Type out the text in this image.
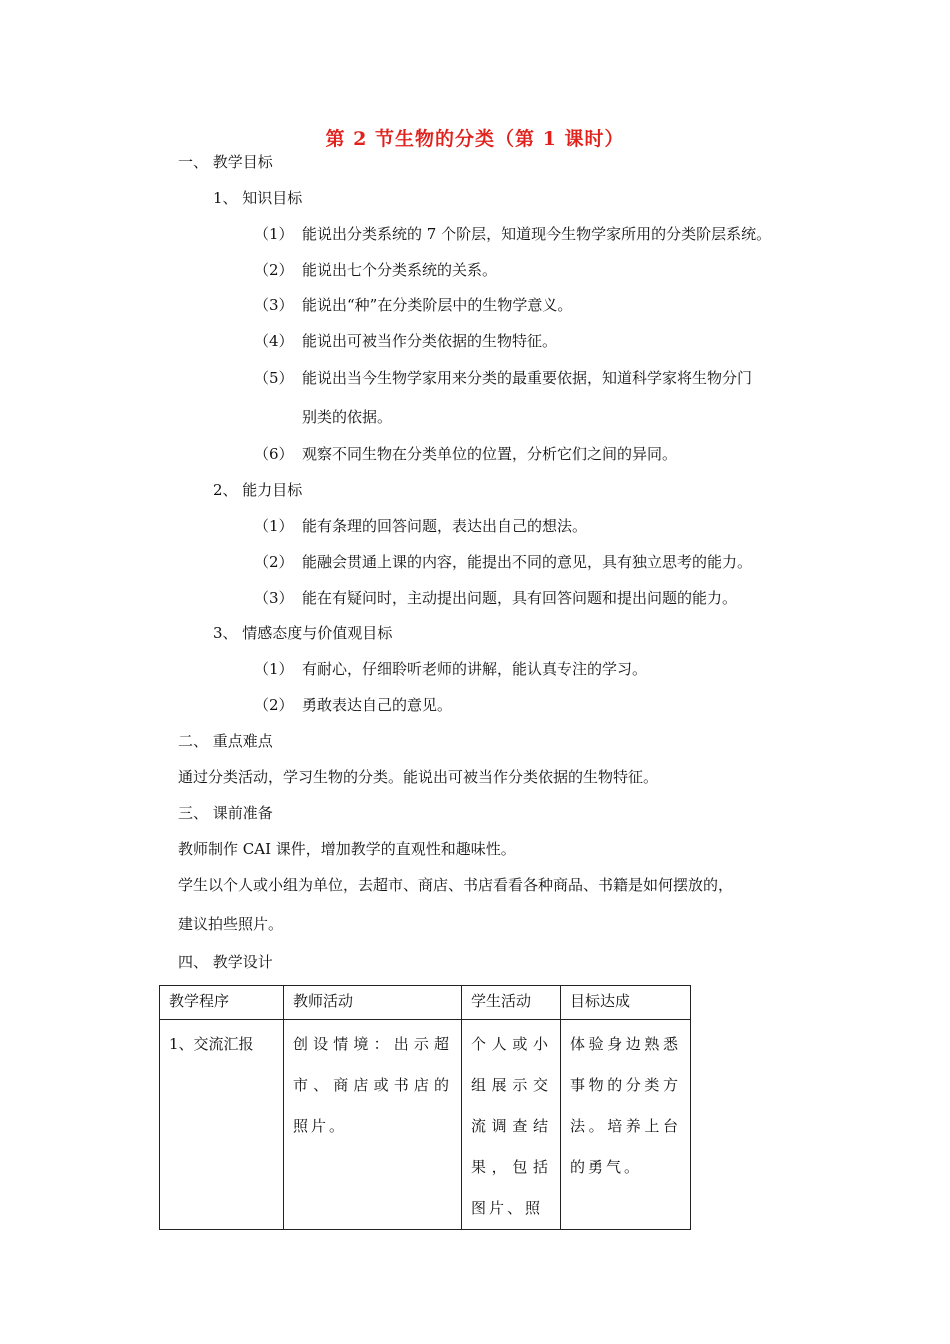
第 2 节生物的分类（第 1 课时）
一、 教学目标
1、 知识目标
（1） 能说出分类系统的 7 个阶层，知道现今生物学家所用的分类阶层系统。
（2） 能说出七个分类系统的关系。
（3） 能说出“种”在分类阶层中的生物学意义。
（4） 能说出可被当作分类依据的生物特征。
（5） 能说出当今生物学家用来分类的最重要依据，知道科学家将生物分门
别类的依据。
（6） 观察不同生物在分类单位的位置，分析它们之间的异同。
2、 能力目标
（1） 能有条理的回答问题，表达出自己的想法。
（2） 能融会贯通上课的内容，能提出不同的意见，具有独立思考的能力。
（3） 能在有疑问时，主动提出问题，具有回答问题和提出问题的能力。
3、 情感态度与价值观目标
（1） 有耐心，仔细聆听老师的讲解，能认真专注的学习。
（2） 勇敢表达自己的意见。
二、 重点难点
通过分类活动，学习生物的分类。能说出可被当作分类依据的生物特征。
三、 课前准备
教师制作 CAI 课件，增加教学的直观性和趣味性。
学生以个人或小组为单位，去超市、商店、书店看看各种商品、书籍是如何摆放的，
建议拍些照片。
四、 教学设计
教学程序	教师活动	学生活动	目标达成
1、交流汇报	创设情境：出示超市、商店或书店的照片。	个人或小组展示交流调查结果，包括图片、照	体验身边熟悉事物的分类方法。培养上台的勇气。
